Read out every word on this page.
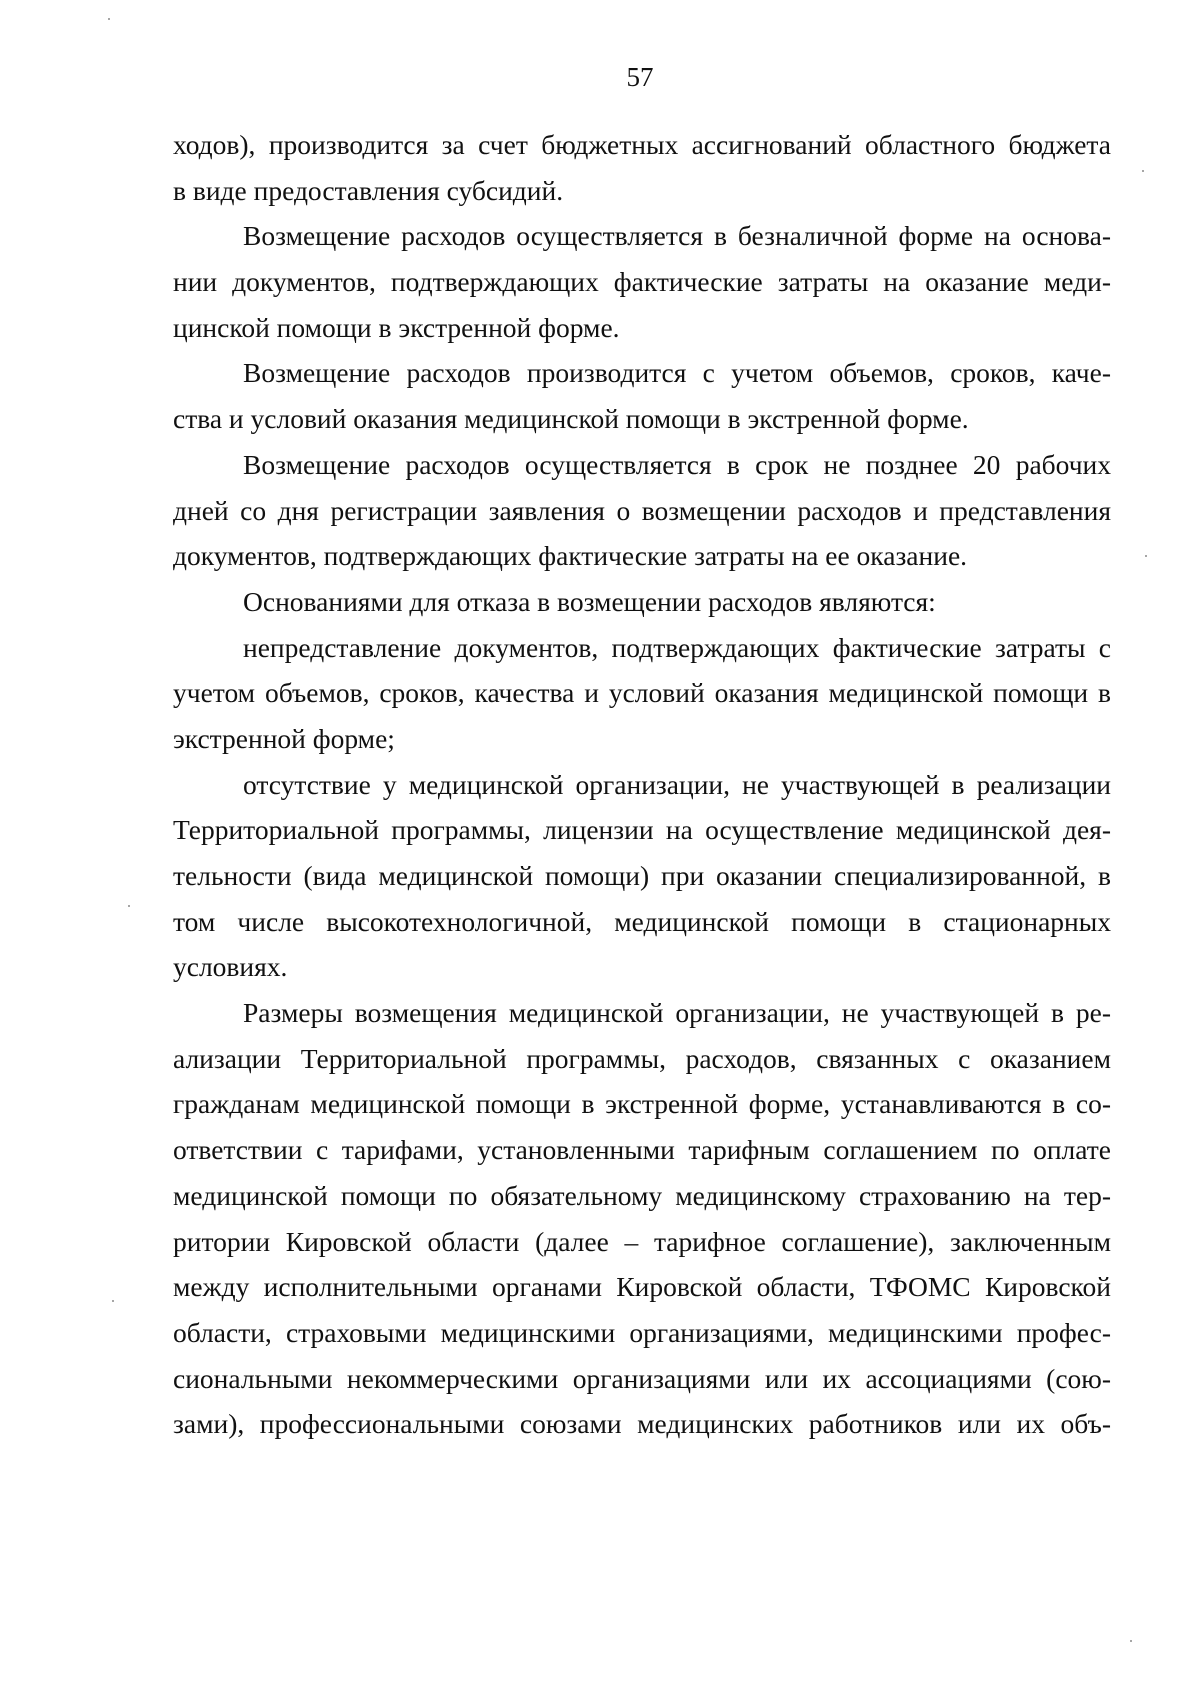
57
ходов), производится за счет бюджетных ассигнований областного бюджета
в виде предоставления субсидий.
Возмещение расходов осуществляется в безналичной форме на основа-
нии документов, подтверждающих фактические затраты на оказание меди-
цинской помощи в экстренной форме.
Возмещение расходов производится с учетом объемов, сроков, каче-
ства и условий оказания медицинской помощи в экстренной форме.
Возмещение расходов осуществляется в срок не позднее 20 рабочих
дней со дня регистрации заявления о возмещении расходов и представления
документов, подтверждающих фактические затраты на ее оказание.
Основаниями для отказа в возмещении расходов являются:
непредставление документов, подтверждающих фактические затраты с
учетом объемов, сроков, качества и условий оказания медицинской помощи в
экстренной форме;
отсутствие у медицинской организации, не участвующей в реализации
Территориальной программы, лицензии на осуществление медицинской дея-
тельности (вида медицинской помощи) при оказании специализированной, в
том числе высокотехнологичной, медицинской помощи в стационарных
условиях.
Размеры возмещения медицинской организации, не участвующей в ре-
ализации Территориальной программы, расходов, связанных с оказанием
гражданам медицинской помощи в экстренной форме, устанавливаются в со-
ответствии с тарифами, установленными тарифным соглашением по оплате
медицинской помощи по обязательному медицинскому страхованию на тер-
ритории Кировской области (далее – тарифное соглашение), заключенным
между исполнительными органами Кировской области, ТФОМС Кировской
области, страховыми медицинскими организациями, медицинскими профес-
сиональными некоммерческими организациями или их ассоциациями (сою-
зами), профессиональными союзами медицинских работников или их объ-
